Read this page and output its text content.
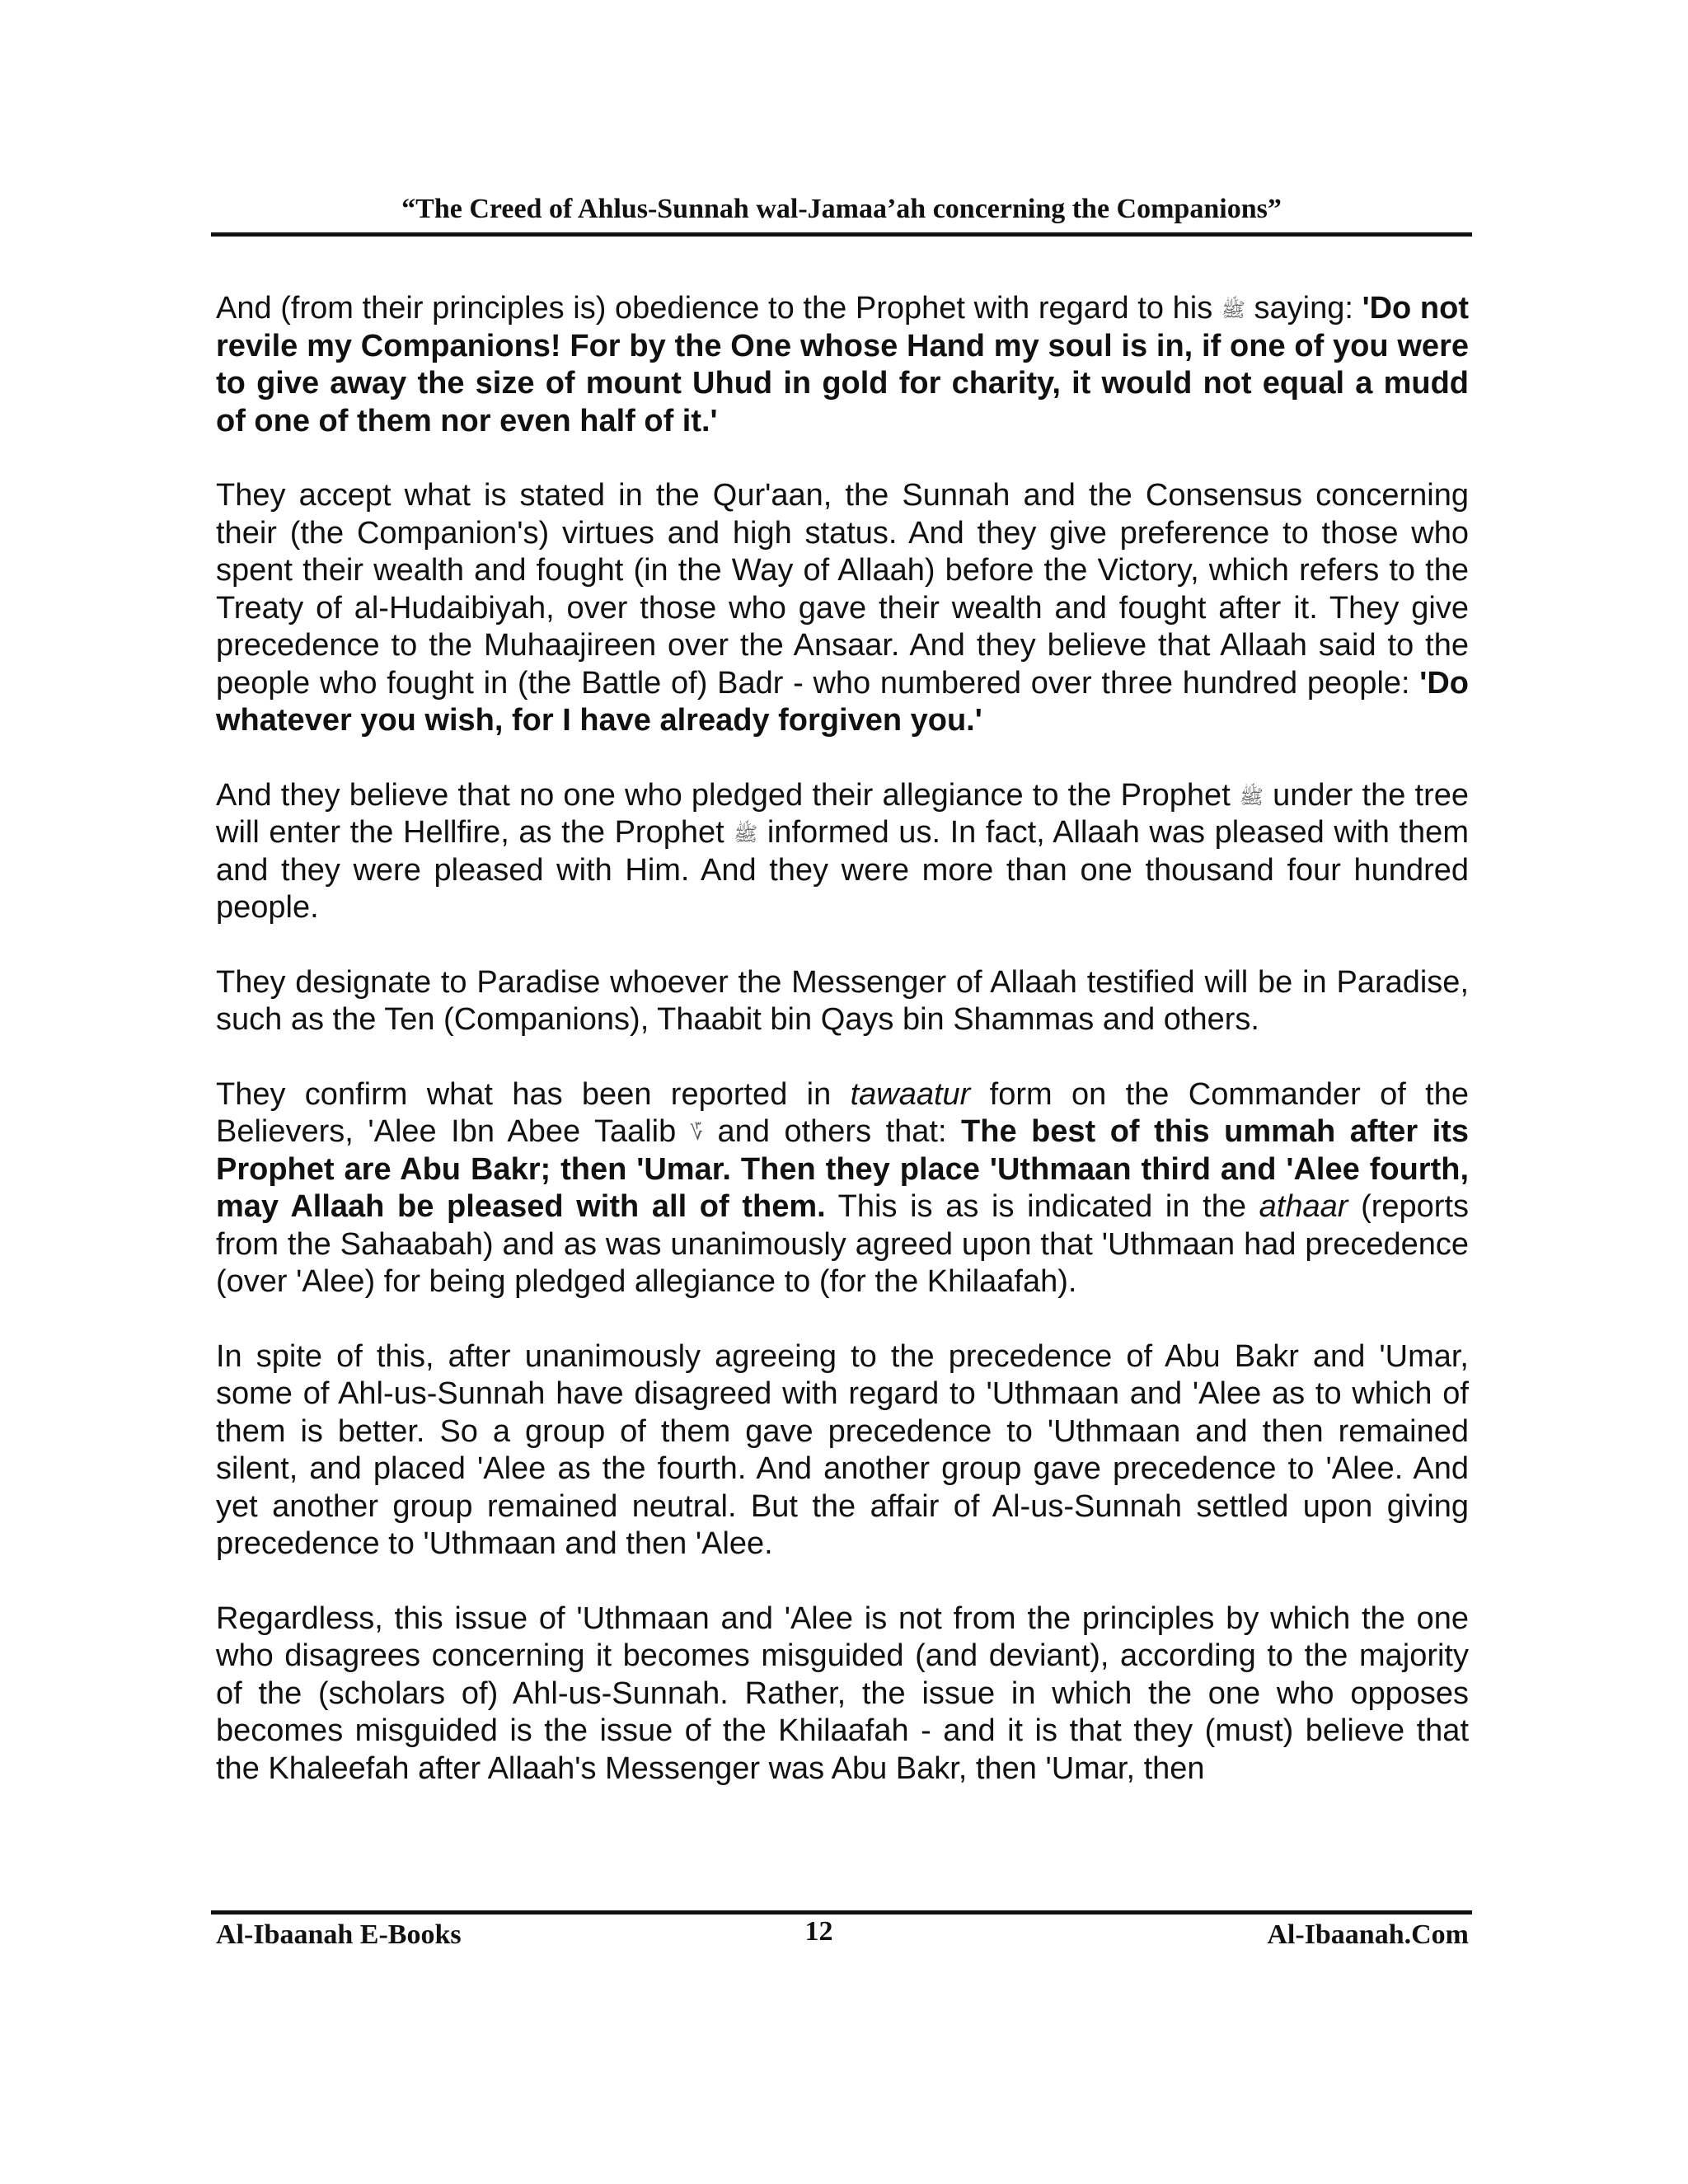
“The Creed of Ahlus-Sunnah wal-Jamaa’ah concerning the Companions”

And (from their principles is) obedience to the Prophet with regard to his ﷺ saying: 'Do not revile my Companions! For by the One whose Hand my soul is in, if one of you were to give away the size of mount Uhud in gold for charity, it would not equal a mudd of one of them nor even half of it.'

They accept what is stated in the Qur'aan, the Sunnah and the Consensus concerning their (the Companion's) virtues and high status. And they give preference to those who spent their wealth and fought (in the Way of Allaah) before the Victory, which refers to the Treaty of al-Hudaibiyah, over those who gave their wealth and fought after it. They give precedence to the Muhaajireen over the Ansaar. And they believe that Allaah said to the people who fought in (the Battle of) Badr - who numbered over three hundred people: 'Do whatever you wish, for I have already forgiven you.'

And they believe that no one who pledged their allegiance to the Prophet ﷺ under the tree will enter the Hellfire, as the Prophet ﷺ informed us. In fact, Allaah was pleased with them and they were pleased with Him. And they were more than one thousand four hundred people.

They designate to Paradise whoever the Messenger of Allaah testified will be in Paradise, such as the Ten (Companions), Thaabit bin Qays bin Shammas and others.

They confirm what has been reported in tawaatur form on the Commander of the Believers, 'Alee Ibn Abee Taalib ؆ and others that: The best of this ummah after its Prophet are Abu Bakr; then 'Umar. Then they place 'Uthmaan third and 'Alee fourth, may Allaah be pleased with all of them. This is as is indicated in the athaar (reports from the Sahaabah) and as was unanimously agreed upon that 'Uthmaan had precedence (over 'Alee) for being pledged allegiance to (for the Khilaafah).

In spite of this, after unanimously agreeing to the precedence of Abu Bakr and 'Umar, some of Ahl-us-Sunnah have disagreed with regard to 'Uthmaan and 'Alee as to which of them is better. So a group of them gave precedence to 'Uthmaan and then remained silent, and placed 'Alee as the fourth. And another group gave precedence to 'Alee. And yet another group remained neutral. But the affair of Al-us-Sunnah settled upon giving precedence to 'Uthmaan and then 'Alee.

Regardless, this issue of 'Uthmaan and 'Alee is not from the principles by which the one who disagrees concerning it becomes misguided (and deviant), according to the majority of the (scholars of) Ahl-us-Sunnah. Rather, the issue in which the one who opposes becomes misguided is the issue of the Khilaafah - and it is that they (must) believe that the Khaleefah after Allaah's Messenger was Abu Bakr, then 'Umar, then

Al-Ibaanah E-Books	12	Al-Ibaanah.Com
